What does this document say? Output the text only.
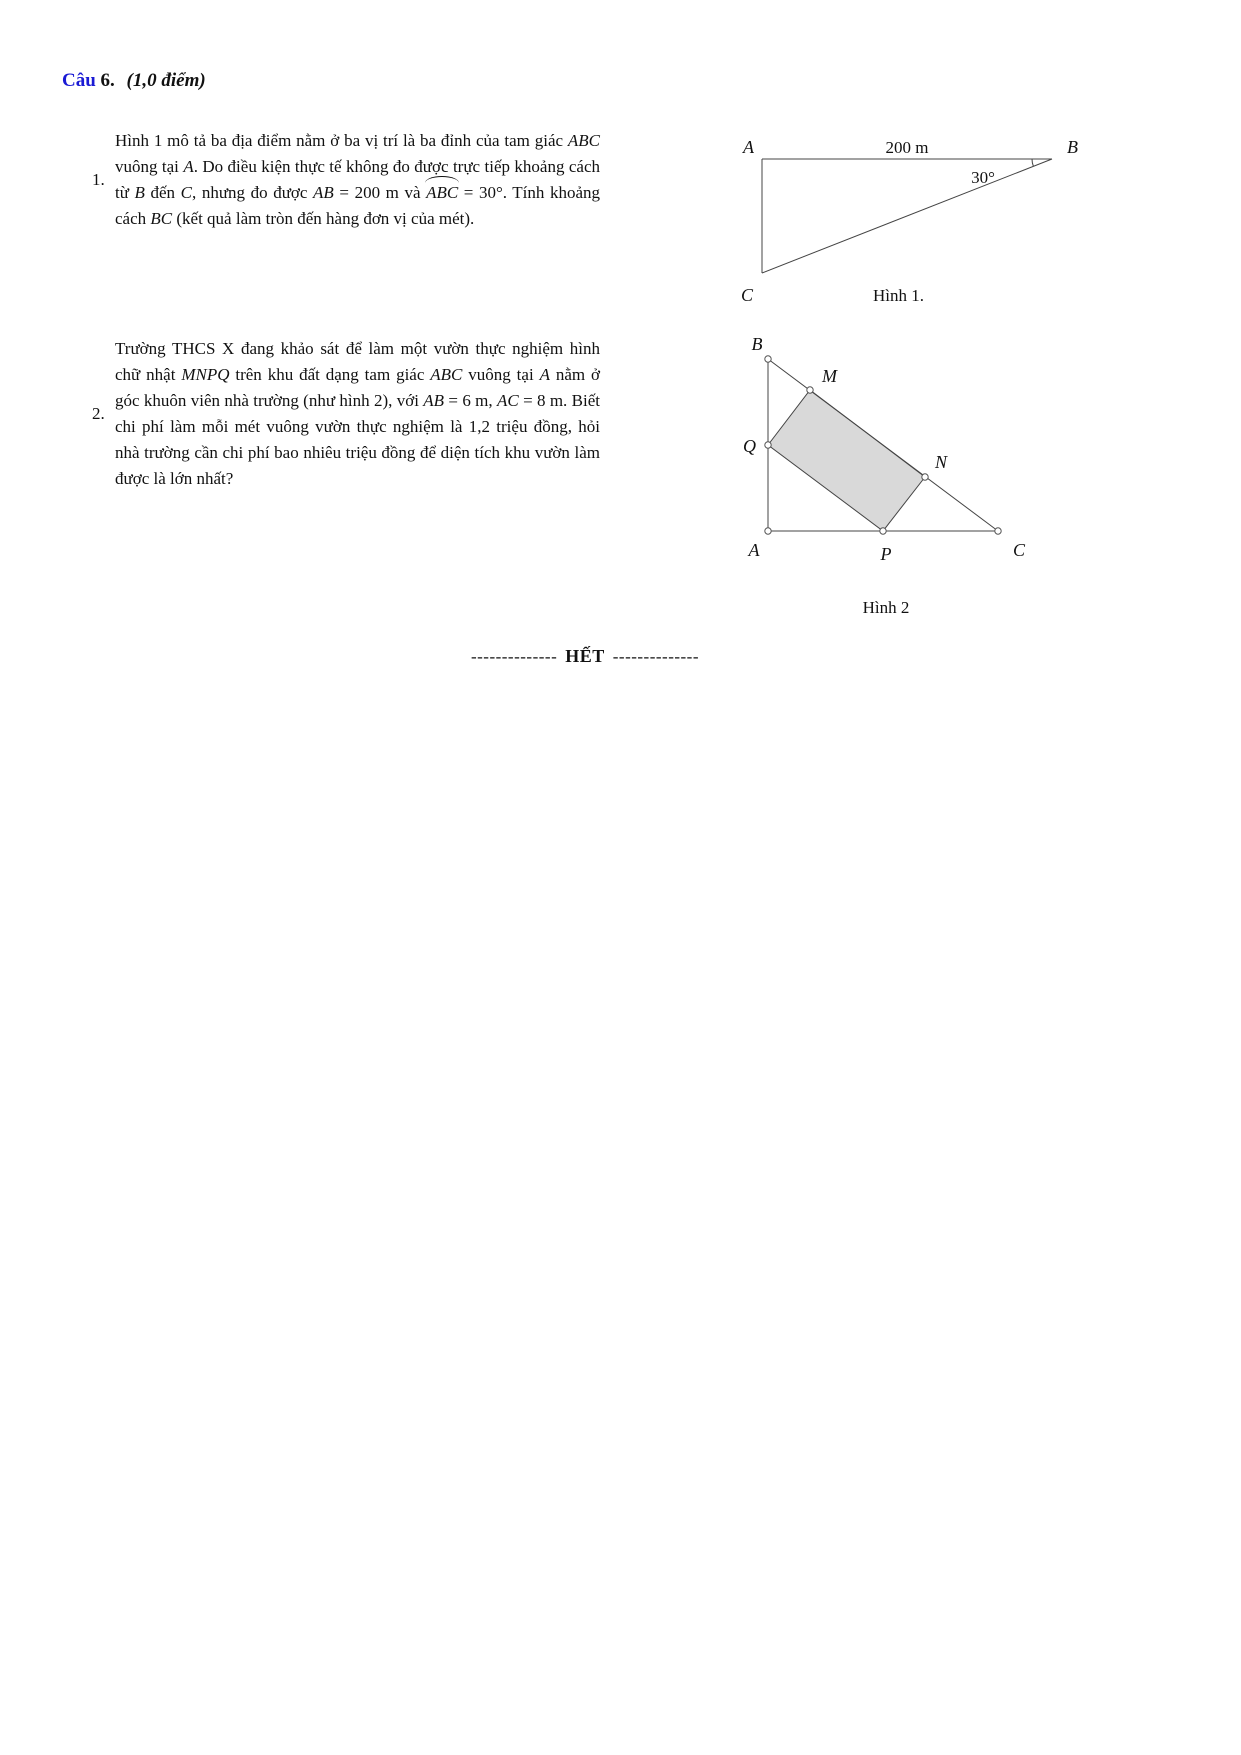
Câu 6. (1,0 điểm)
1.
Hình 1 mô tả ba địa điểm nằm ở ba vị trí là ba đỉnh của tam giác ABC vuông tại A. Do điều kiện thực tế không đo được trực tiếp khoảng cách từ B đến C, nhưng đo được AB = 200 m và ABC = 30°. Tính khoảng cách BC (kết quả làm tròn đến hàng đơn vị của mét).
2.
Trường THCS X đang khảo sát để làm một vườn thực nghiệm hình chữ nhật MNPQ trên khu đất dạng tam giác ABC vuông tại A nằm ở góc khuôn viên nhà trường (như hình 2), với AB = 6 m, AC = 8 m. Biết chi phí làm mỗi mét vuông vườn thực nghiệm là 1,2 triệu đồng, hỏi nhà trường cần chi phí bao nhiêu triệu đồng để diện tích khu vườn làm được là lớn nhất?
A	B
C
200 m
30°
Hình 1.
B
M
Q
N
A	P	C
Hình 2
-------------- HẾT --------------
